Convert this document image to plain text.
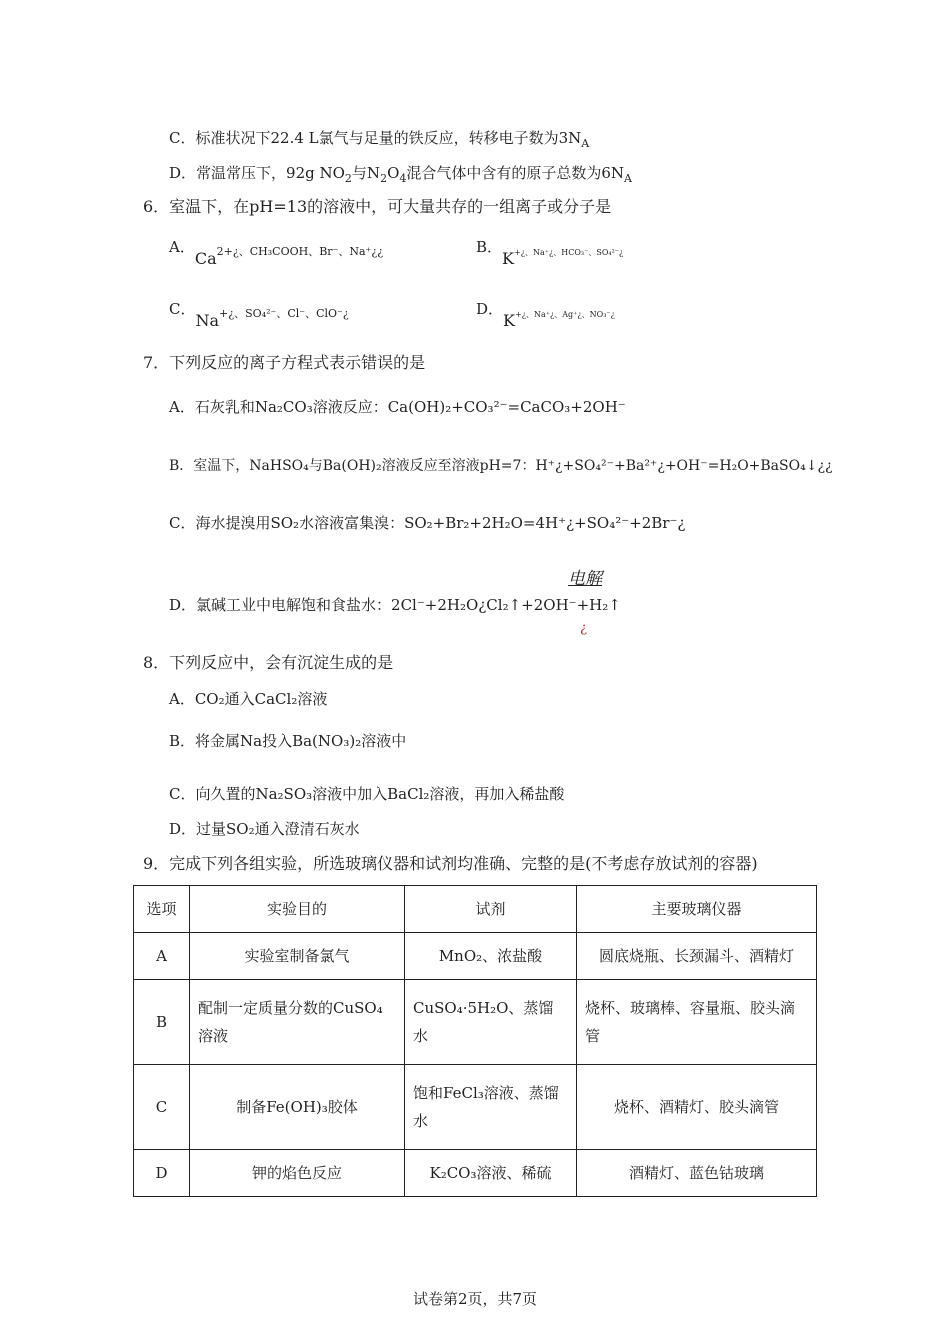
C．标准状况下22.4 L氯气与足量的铁反应，转移电子数为$3N_A$
D．常温常压下，92g $NO_2$与$N_2O_4$混合气体中含有的原子总数为$6N_A$
6．室温下，在pH=13的溶液中，可大量共存的一组离子或分子是
A．$Ca_{2+¿、CH_3COOH、Br^-、Na^+¿¿}$	B．$K_{+¿、Na^+¿、HCO_3^-、SO_4^{2-}¿}$
C．$Na_{+¿、SO_4^{2-}、Cl^-、ClO^-¿}$	D．$K_{+¿、Na^+¿、Ag^+¿、NO_3^-¿}$
7．下列反应的离子方程式表示错误的是
A．石灰乳和Na₂CO₃溶液反应：Ca(OH)₂+CO₃²⁻=CaCO₃+2OH⁻
B．室温下，NaHSO₄与Ba(OH)₂溶液反应至溶液pH=7：H⁺¿+SO₄²⁻+Ba²⁺¿+OH⁻=H₂O+BaSO₄↓¿¿
C．海水提溴用SO₂水溶液富集溴：SO₂+Br₂+2H₂O=4H⁺¿+SO₄²⁻+2Br⁻¿
电解
D．氯碱工业中电解饱和食盐水：2Cl⁻+2H₂O¿Cl₂↑+2OH⁻+H₂↑
¿
8．下列反应中，会有沉淀生成的是
A．CO₂通入CaCl₂溶液
B．将金属Na投入Ba(NO₃)₂溶液中
C．向久置的Na₂SO₃溶液中加入BaCl₂溶液，再加入稀盐酸
D．过量SO₂通入澄清石灰水
9．完成下列各组实验，所选玻璃仪器和试剂均准确、完整的是(不考虑存放试剂的容器)
选项	实验目的	试剂	主要玻璃仪器
A	实验室制备氯气	MnO₂、浓盐酸	圆底烧瓶、长颈漏斗、酒精灯
B	配制一定质量分数的CuSO₄溶液	CuSO₄·5H₂O、蒸馏水	烧杯、玻璃棒、容量瓶、胶头滴管
C	制备Fe(OH)₃胶体	饱和FeCl₃溶液、蒸馏水	烧杯、酒精灯、胶头滴管
D	钾的焰色反应	K₂CO₃溶液、稀硫	酒精灯、蓝色钴玻璃
试卷第2页，共7页
